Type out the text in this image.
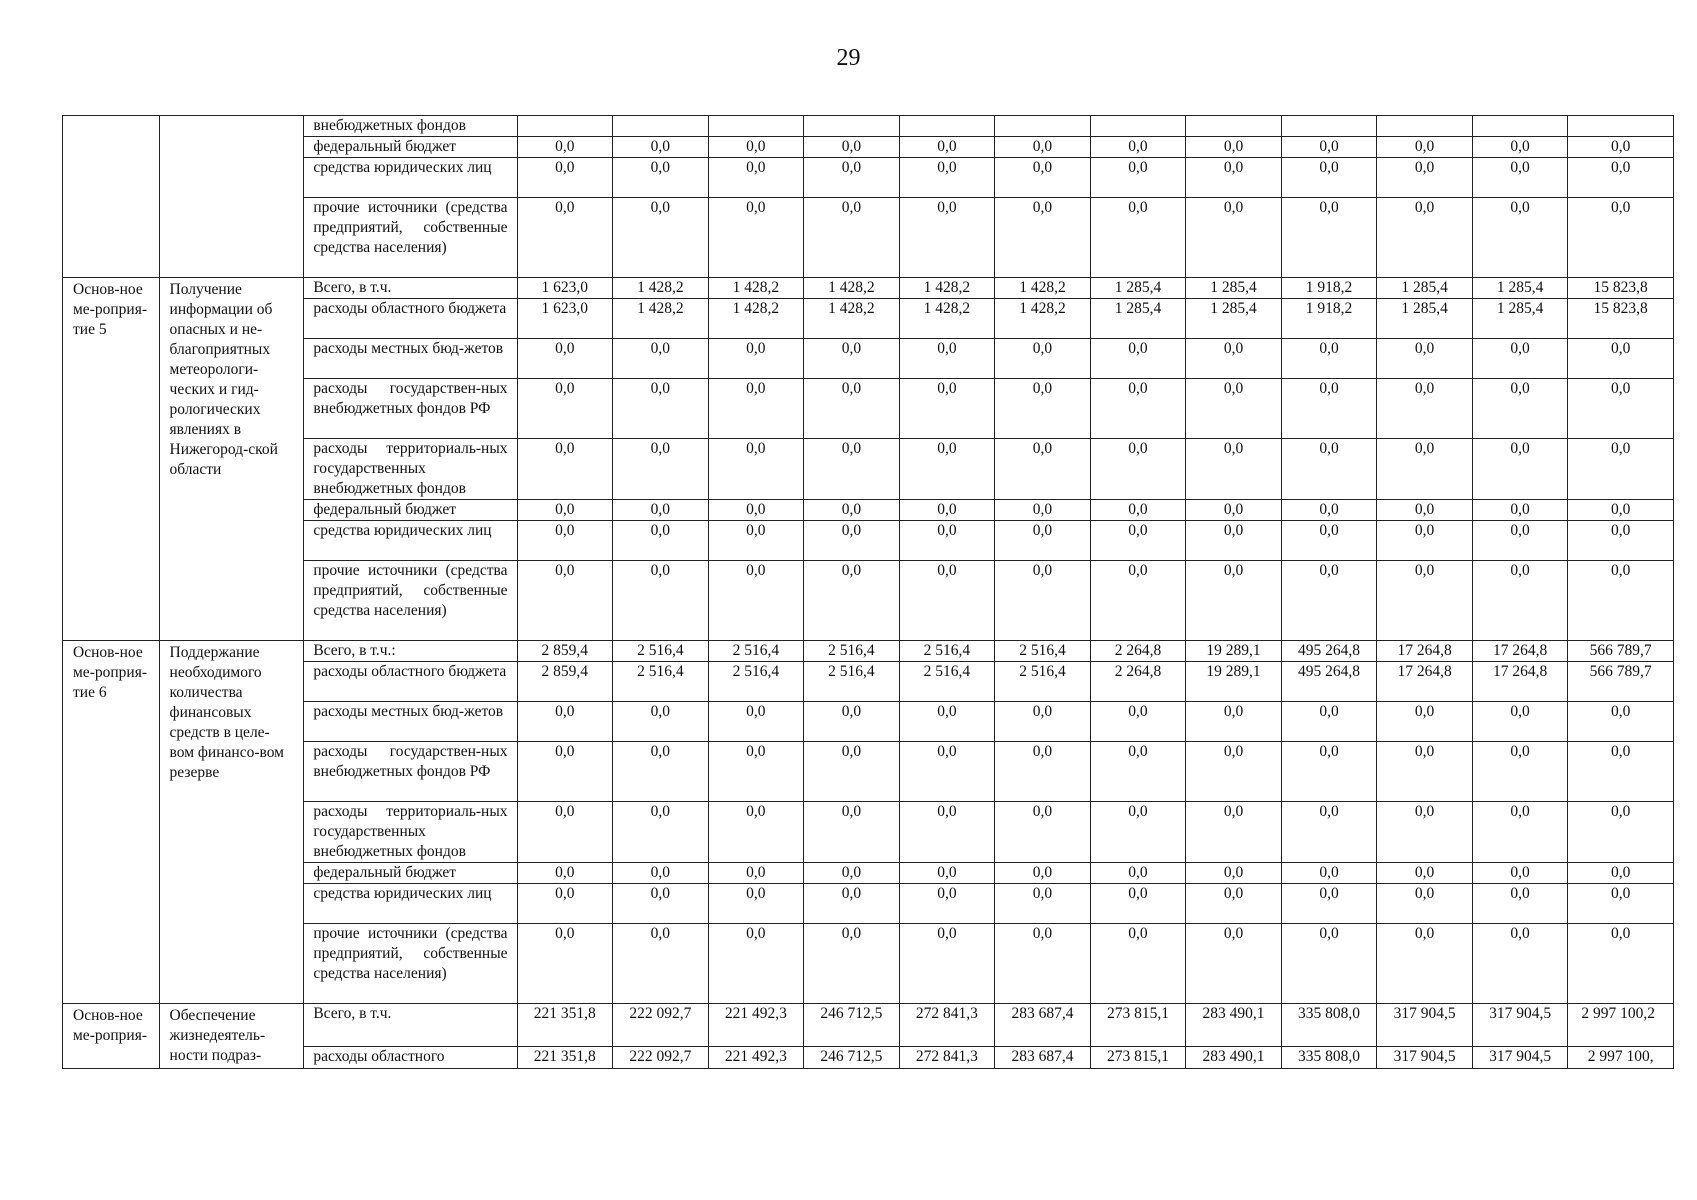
29
		внебюджетных фондов												
		федеральный бюджет	0,0	0,0	0,0	0,0	0,0	0,0	0,0	0,0	0,0	0,0	0,0	0,0
		средства юридических лиц	0,0	0,0	0,0	0,0	0,0	0,0	0,0	0,0	0,0	0,0	0,0	0,0
		прочие источники (средства предприятий, собственные средства населения)	0,0	0,0	0,0	0,0	0,0	0,0	0,0	0,0	0,0	0,0	0,0	0,0
Основ-ное ме-роприя-тие 5	Получение информации об опасных и не-благоприятных метеорологи-ческих и гид-рологических явлениях в Нижегород-ской области	Всего, в т.ч.	1 623,0	1 428,2	1 428,2	1 428,2	1 428,2	1 428,2	1 285,4	1 285,4	1 918,2	1 285,4	1 285,4	15 823,8
		расходы областного бюджета	1 623,0	1 428,2	1 428,2	1 428,2	1 428,2	1 428,2	1 285,4	1 285,4	1 918,2	1 285,4	1 285,4	15 823,8
		расходы местных бюд-жетов	0,0	0,0	0,0	0,0	0,0	0,0	0,0	0,0	0,0	0,0	0,0	0,0
		расходы государствен-ных внебюджетных фондов РФ	0,0	0,0	0,0	0,0	0,0	0,0	0,0	0,0	0,0	0,0	0,0	0,0
		расходы территориаль-ных государственных внебюджетных фондов	0,0	0,0	0,0	0,0	0,0	0,0	0,0	0,0	0,0	0,0	0,0	0,0
		федеральный бюджет	0,0	0,0	0,0	0,0	0,0	0,0	0,0	0,0	0,0	0,0	0,0	0,0
		средства юридических лиц	0,0	0,0	0,0	0,0	0,0	0,0	0,0	0,0	0,0	0,0	0,0	0,0
		прочие источники (средства предприятий, собственные средства населения)	0,0	0,0	0,0	0,0	0,0	0,0	0,0	0,0	0,0	0,0	0,0	0,0
Основ-ное ме-роприя-тие 6	Поддержание необходимого количества финансовых средств в целе-вом финансо-вом резерве	Всего, в т.ч.:	2 859,4	2 516,4	2 516,4	2 516,4	2 516,4	2 516,4	2 264,8	19 289,1	495 264,8	17 264,8	17 264,8	566 789,7
		расходы областного бюджета	2 859,4	2 516,4	2 516,4	2 516,4	2 516,4	2 516,4	2 264,8	19 289,1	495 264,8	17 264,8	17 264,8	566 789,7
		расходы местных бюд-жетов	0,0	0,0	0,0	0,0	0,0	0,0	0,0	0,0	0,0	0,0	0,0	0,0
		расходы государствен-ных внебюджетных фондов РФ	0,0	0,0	0,0	0,0	0,0	0,0	0,0	0,0	0,0	0,0	0,0	0,0
		расходы территориаль-ных государственных внебюджетных фондов	0,0	0,0	0,0	0,0	0,0	0,0	0,0	0,0	0,0	0,0	0,0	0,0
		федеральный бюджет	0,0	0,0	0,0	0,0	0,0	0,0	0,0	0,0	0,0	0,0	0,0	0,0
		средства юридических лиц	0,0	0,0	0,0	0,0	0,0	0,0	0,0	0,0	0,0	0,0	0,0	0,0
		прочие источники (средства предприятий, собственные средства населения)	0,0	0,0	0,0	0,0	0,0	0,0	0,0	0,0	0,0	0,0	0,0	0,0
Основ-ное ме-роприя-	Обеспечение жизнедеятель-ности подраз-	Всего, в т.ч.	221 351,8	222 092,7	221 492,3	246 712,5	272 841,3	283 687,4	273 815,1	283 490,1	335 808,0	317 904,5	317 904,5	2 997 100,2
		расходы областного	221 351,8	222 092,7	221 492,3	246 712,5	272 841,3	283 687,4	273 815,1	283 490,1	335 808,0	317 904,5	317 904,5	2 997 100,
